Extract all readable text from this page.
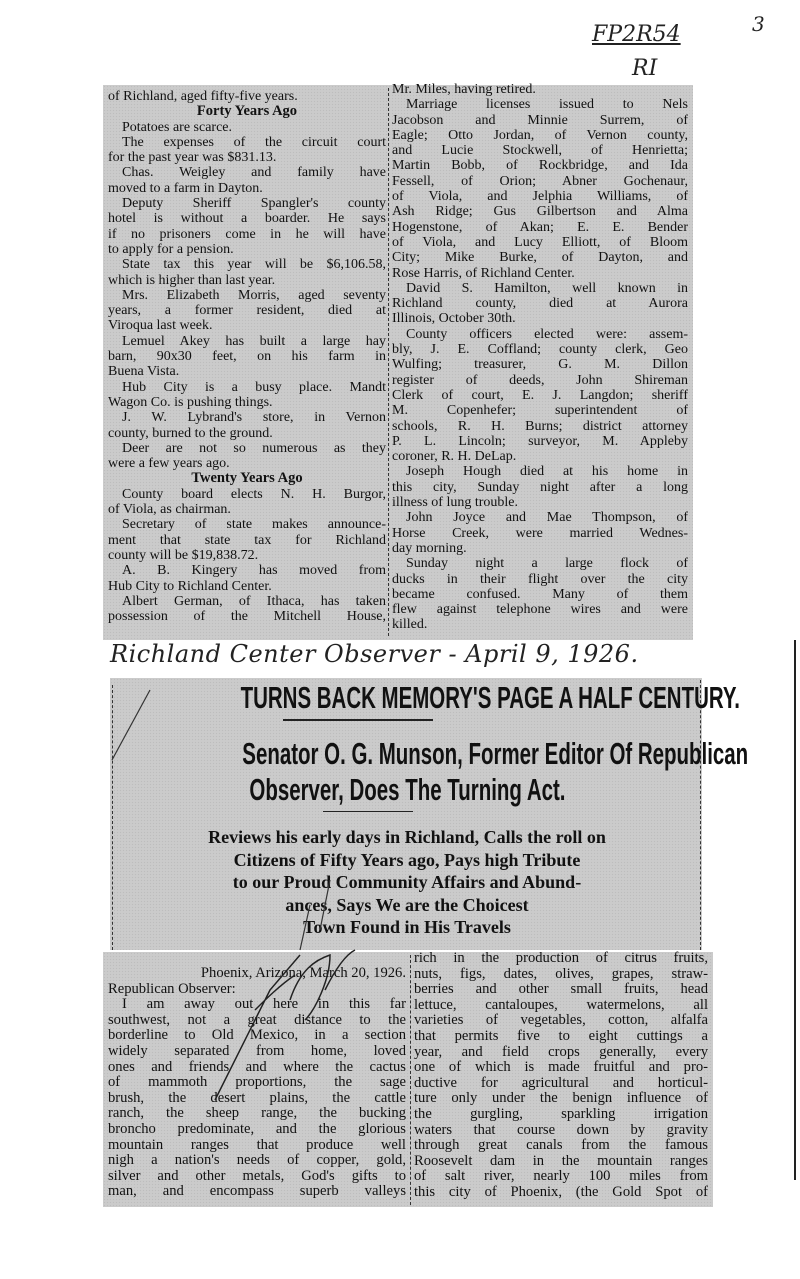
FP2R54
RI
3
of Richland, aged fifty-five years.
Forty Years Ago
Potatoes are scarce.
The expenses of the circuit court
for the past year was $831.13.
Chas. Weigley and family have
moved to a farm in Dayton.
Deputy Sheriff Spangler's county
hotel is without a boarder. He says
if no prisoners come in he will have
to apply for a pension.
State tax this year will be $6,106.58,
which is higher than last year.
Mrs. Elizabeth Morris, aged seventy
years, a former resident, died at
Viroqua last week.
Lemuel Akey has built a large hay
barn, 90x30 feet, on his farm in
Buena Vista.
Hub City is a busy place. Mandt
Wagon Co. is pushing things.
J. W. Lybrand's store, in Vernon
county, burned to the ground.
Deer are not so numerous as they
were a few years ago.
Twenty Years Ago
County board elects N. H. Burgor,
of Viola, as chairman.
Secretary of state makes announce-
ment that state tax for Richland
county will be $19,838.72.
A. B. Kingery has moved from
Hub City to Richland Center.
Albert German, of Ithaca, has taken
possession of the Mitchell House,
Mr. Miles, having retired.
Marriage licenses issued to Nels
Jacobson and Minnie Surrem, of
Eagle; Otto Jordan, of Vernon county,
and Lucie Stockwell, of Henrietta;
Martin Bobb, of Rockbridge, and Ida
Fessell, of Orion; Abner Gochenaur,
of Viola, and Jelphia Williams, of
Ash Ridge; Gus Gilbertson and Alma
Hogenstone, of Akan; E. E. Bender
of Viola, and Lucy Elliott, of Bloom
City; Mike Burke, of Dayton, and
Rose Harris, of Richland Center.
David S. Hamilton, well known in
Richland county, died at Aurora
Illinois, October 30th.
County officers elected were: assem-
bly, J. E. Coffland; county clerk, Geo
Wulfing; treasurer, G. M. Dillon
register of deeds, John Shireman
Clerk of court, E. J. Langdon; sheriff
M. Copenhefer; superintendent of
schools, R. H. Burns; district attorney
P. L. Lincoln; surveyor, M. Appleby
coroner, R. H. DeLap.
Joseph Hough died at his home in
this city, Sunday night after a long
illness of lung trouble.
John Joyce and Mae Thompson, of
Horse Creek, were married Wednes-
day morning.
Sunday night a large flock of
ducks in their flight over the city
became confused. Many of them
flew against telephone wires and were
killed.
Richland Center Observer - April 9, 1926.
TURNS BACK MEMORY'S PAGE A HALF CENTURY.
Senator O. G. Munson, Former Editor Of Republican
Observer, Does The Turning Act.
Reviews his early days in Richland, Calls the roll on
Citizens of Fifty Years ago, Pays high Tribute
to our Proud Community Affairs and Abund-
ances, Says We are the Choicest
Town Found in His Travels
Phoenix, Arizona, March 20, 1926.
Republican Observer:
I am away out here in this far
southwest, not a great distance to the
borderline to Old Mexico, in a section
widely separated from home, loved
ones and friends and where the cactus
of mammoth proportions, the sage
brush, the desert plains, the cattle
ranch, the sheep range, the bucking
broncho predominate, and the glorious
mountain ranges that produce well
nigh a nation's needs of copper, gold,
silver and other metals, God's gifts to
man, and encompass superb valleys
rich in the production of citrus fruits,
nuts, figs, dates, olives, grapes, straw-
berries and other small fruits, head
lettuce, cantaloupes, watermelons, all
varieties of vegetables, cotton, alfalfa
that permits five to eight cuttings a
year, and field crops generally, every
one of which is made fruitful and pro-
ductive for agricultural and horticul-
ture only under the benign influence of
the gurgling, sparkling irrigation
waters that course down by gravity
through great canals from the famous
Roosevelt dam in the mountain ranges
of salt river, nearly 100 miles from
this city of Phoenix, (the Gold Spot of
